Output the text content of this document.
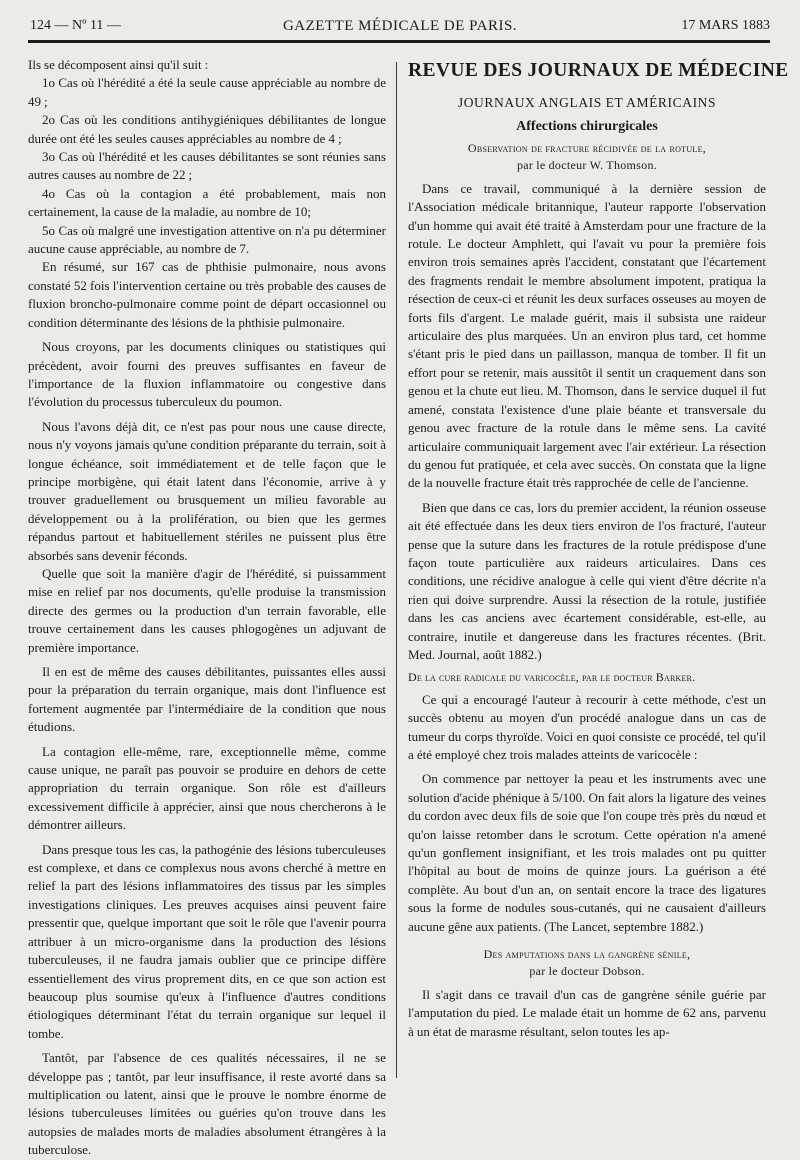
124 — Nº 11 —	GAZETTE MÉDICALE DE PARIS.	17 MARS 1883

Ils se décomposent ainsi qu'il suit :

1o Cas où l'hérédité a été la seule cause appréciable au nombre de 49 ;

2o Cas où les conditions antihygiéniques débilitantes de longue durée ont été les seules causes appréciables au nombre de 4 ;

3o Cas où l'hérédité et les causes débilitantes se sont réunies sans autres causes au nombre de 22 ;

4o Cas où la contagion a été probablement, mais non certainement, la cause de la maladie, au nombre de 10;

5o Cas où malgré une investigation attentive on n'a pu déterminer aucune cause appréciable, au nombre de 7.

En résumé, sur 167 cas de phthisie pulmonaire, nous avons constaté 52 fois l'intervention certaine ou très probable des causes de fluxion broncho-pulmonaire comme point de départ occasionnel ou condition déterminante des lésions de la phthisie pulmonaire.

Nous croyons, par les documents cliniques ou statistiques qui précèdent, avoir fourni des preuves suffisantes en faveur de l'importance de la fluxion inflammatoire ou congestive dans l'évolution du processus tuberculeux du poumon.

Nous l'avons déjà dit, ce n'est pas pour nous une cause directe, nous n'y voyons jamais qu'une condition préparante du terrain, soit à longue échéance, soit immédiatement et de telle façon que le principe morbigène, qui était latent dans l'économie, arrive à y trouver graduellement ou brusquement un milieu favorable au développement ou à la prolifération, ou bien que les germes répandus partout et habituellement stériles ne puissent plus être absorbés sans devenir féconds.

Quelle que soit la manière d'agir de l'hérédité, si puissamment mise en relief par nos documents, qu'elle produise la transmission directe des germes ou la production d'un terrain favorable, elle trouve certainement dans les causes phlogogènes un adjuvant de première importance.

Il en est de même des causes débilitantes, puissantes elles aussi pour la préparation du terrain organique, mais dont l'influence est fortement augmentée par l'intermédiaire de la condition que nous étudions.

La contagion elle-même, rare, exceptionnelle même, comme cause unique, ne paraît pas pouvoir se produire en dehors de cette appropriation du terrain organique. Son rôle est d'ailleurs excessivement difficile à apprécier, ainsi que nous chercherons à le démontrer ailleurs.

Dans presque tous les cas, la pathogénie des lésions tuberculeuses est complexe, et dans ce complexus nous avons cherché à mettre en relief la part des lésions inflammatoires des tissus par les simples investigations cliniques. Les preuves acquises ainsi peuvent faire pressentir que, quelque important que soit le rôle que l'avenir pourra attribuer à un micro-organisme dans la production des lésions tuberculeuses, il ne faudra jamais oublier que ce principe diffère essentiellement des virus proprement dits, en ce que son action est beaucoup plus soumise qu'eux à l'influence d'autres conditions étiologiques déterminant l'état du terrain organique sur lequel il tombe.

Tantôt, par l'absence de ces qualités nécessaires, il ne se développe pas ; tantôt, par leur insuffisance, il reste avorté dans sa multiplication ou latent, ainsi que le prouve le nombre énorme de lésions tuberculeuses limitées ou guéries qu'on trouve dans les autopsies de malades morts de maladies absolument étrangères à la tuberculose.

REVUE DES JOURNAUX DE MÉDECINE
JOURNAUX ANGLAIS ET AMÉRICAINS
Affections chirurgicales
Observation de fracture récidivée de la rotule,
par le docteur W. Thomson.

Dans ce travail, communiqué à la dernière session de l'Association médicale britannique, l'auteur rapporte l'observation d'un homme qui avait été traité à Amsterdam pour une fracture de la rotule. Le docteur Amphlett, qui l'avait vu pour la première fois environ trois semaines après l'accident, constatant que l'écartement des fragments rendait le membre absolument impotent, pratiqua la résection de ceux-ci et réunit les deux surfaces osseuses au moyen de forts fils d'argent. Le malade guérit, mais il subsista une raideur articulaire des plus marquées. Un an environ plus tard, cet homme s'étant pris le pied dans un paillasson, manqua de tomber. Il fit un effort pour se retenir, mais aussitôt il sentit un craquement dans son genou et la chute eut lieu. M. Thomson, dans le service duquel il fut amené, constata l'existence d'une plaie béante et transversale du genou avec fracture de la rotule dans le même sens. La cavité articulaire communiquait largement avec l'air extérieur. La résection du genou fut pratiquée, et cela avec succès. On constata que la ligne de la nouvelle fracture était très rapprochée de celle de l'ancienne.

Bien que dans ce cas, lors du premier accident, la réunion osseuse ait été effectuée dans les deux tiers environ de l'os fracturé, l'auteur pense que la suture dans les fractures de la rotule prédispose d'une façon toute particulière aux raideurs articulaires. Dans ces conditions, une récidive analogue à celle qui vient d'être décrite n'a rien qui doive surprendre. Aussi la résection de la rotule, justifiée dans les cas anciens avec écartement considérable, est-elle, au contraire, inutile et dangereuse dans les fractures récentes. (Brit. Med. Journal, août 1882.)

De la cure radicale du varicocèle, par le docteur Barker.

Ce qui a encouragé l'auteur à recourir à cette méthode, c'est un succès obtenu au moyen d'un procédé analogue dans un cas de tumeur du corps thyroïde. Voici en quoi consiste ce procédé, tel qu'il a été employé chez trois malades atteints de varicocèle :

On commence par nettoyer la peau et les instruments avec une solution d'acide phénique à 5/100. On fait alors la ligature des veines du cordon avec deux fils de soie que l'on coupe très près du nœud et qu'on laisse retomber dans le scrotum. Cette opération n'a amené qu'un gonflement insignifiant, et les trois malades ont pu quitter l'hôpital au bout de moins de quinze jours. La guérison a été complète. Au bout d'un an, on sentait encore la trace des ligatures sous la forme de nodules sous-cutanés, qui ne causaient d'ailleurs aucune gêne aux patients. (The Lancet, septembre 1882.)

Des amputations dans la gangrène sénile,
par le docteur Dobson.

Il s'agit dans ce travail d'un cas de gangrène sénile guérie par l'amputation du pied. Le malade était un homme de 62 ans, parvenu à un état de marasme résultant, selon toutes les ap-
